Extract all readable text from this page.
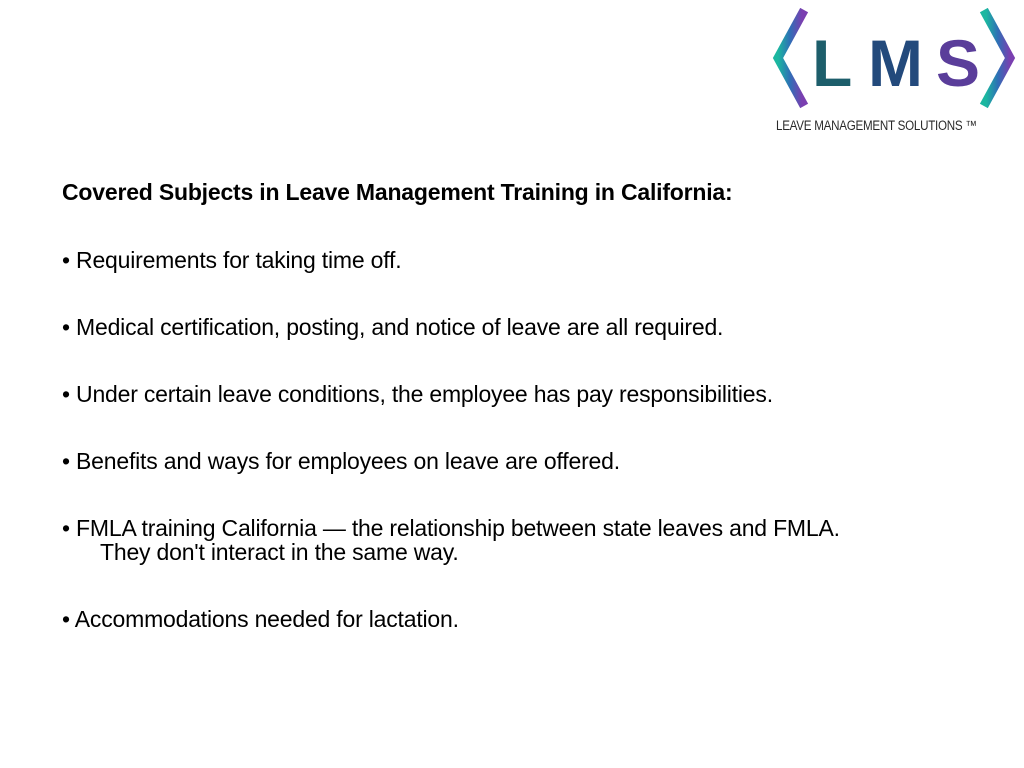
L M S
LEAVE MANAGEMENT SOLUTIONS ™
Covered Subjects in Leave Management Training in California:
• Requirements for taking time off.
• Medical certification, posting, and notice of leave are all required.
• Under certain leave conditions, the employee has pay responsibilities.
• Benefits and ways for employees on leave are offered.
• FMLA training California — the relationship between state leaves and FMLA.
They don't interact in the same way.
• Accommodations needed for lactation.
